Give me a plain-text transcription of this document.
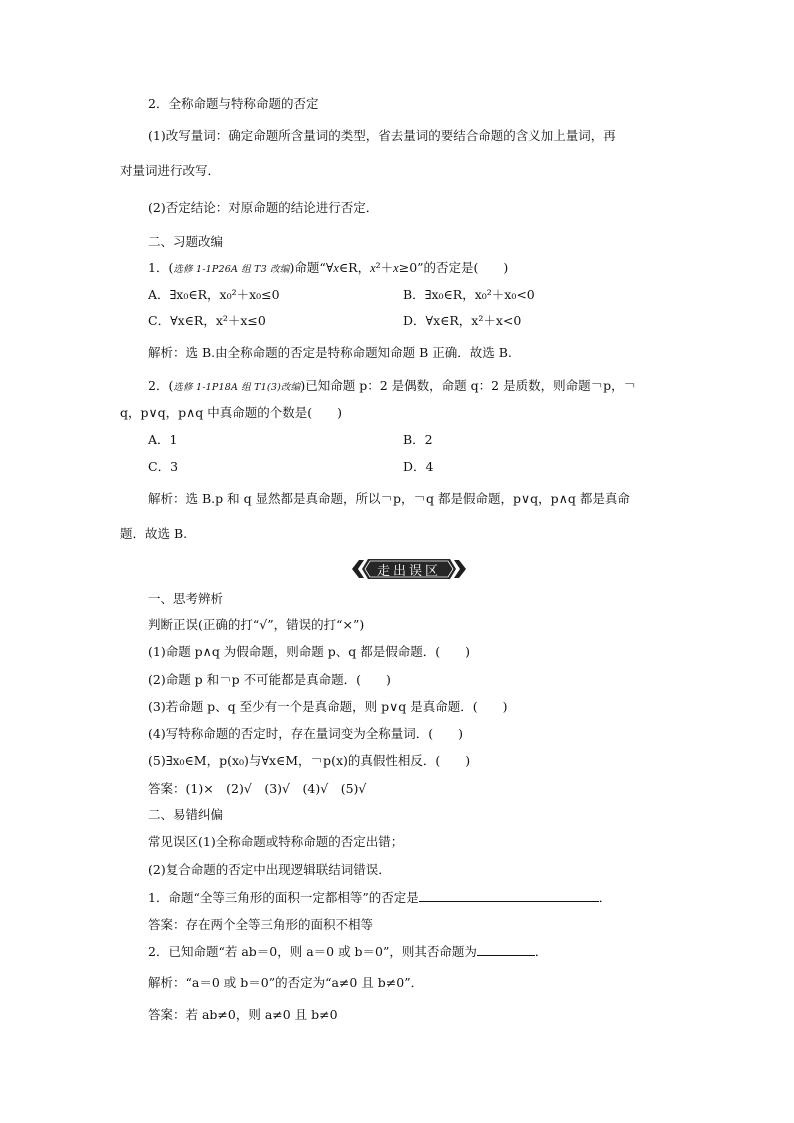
2．全称命题与特称命题的否定
(1)改写量词：确定命题所含量词的类型，省去量词的要结合命题的含义加上量词，再
对量词进行改写．
(2)否定结论：对原命题的结论进行否定．
二、习题改编
1．(选修 1-1P26A 组 T3 改编)命题“∀x∈R，x²＋x≥0”的否定是(　　)
A．∃x₀∈R，x₀²＋x₀≤0	B．∃x₀∈R，x₀²＋x₀<0
C．∀x∈R，x²＋x≤0	D．∀x∈R，x²＋x<0
解析：选 B.由全称命题的否定是特称命题知命题 B 正确．故选 B.
2．(选修 1-1P18A 组 T1(3)改编)已知命题 p：2 是偶数，命题 q：2 是质数，则命题￢p，￢
q，p∨q，p∧q 中真命题的个数是(　　)
A．1	B．2
C．3	D．4
解析：选 B.p 和 q 显然都是真命题，所以￢p，￢q 都是假命题，p∨q，p∧q 都是真命
题．故选 B.
走出误区
一、思考辨析
判断正误(正确的打“√”，错误的打“×”)
(1)命题 p∧q 为假命题，则命题 p、q 都是假命题．(　　)
(2)命题 p 和￢p 不可能都是真命题．(　　)
(3)若命题 p、q 至少有一个是真命题，则 p∨q 是真命题．(　　)
(4)写特称命题的否定时，存在量词变为全称量词．(　　)
(5)∃x₀∈M，p(x₀)与∀x∈M，￢p(x)的真假性相反．(　　)
答案：(1)×　(2)√　(3)√　(4)√　(5)√
二、易错纠偏
常见误区(1)全称命题或特称命题的否定出错；
(2)复合命题的否定中出现逻辑联结词错误．
1．命题“全等三角形的面积一定都相等”的否定是	．
答案：存在两个全等三角形的面积不相等
2．已知命题“若 ab＝0，则 a＝0 或 b＝0”，则其否命题为	．
解析：“a＝0 或 b＝0”的否定为“a≠0 且 b≠0”．
答案：若 ab≠0，则 a≠0 且 b≠0
